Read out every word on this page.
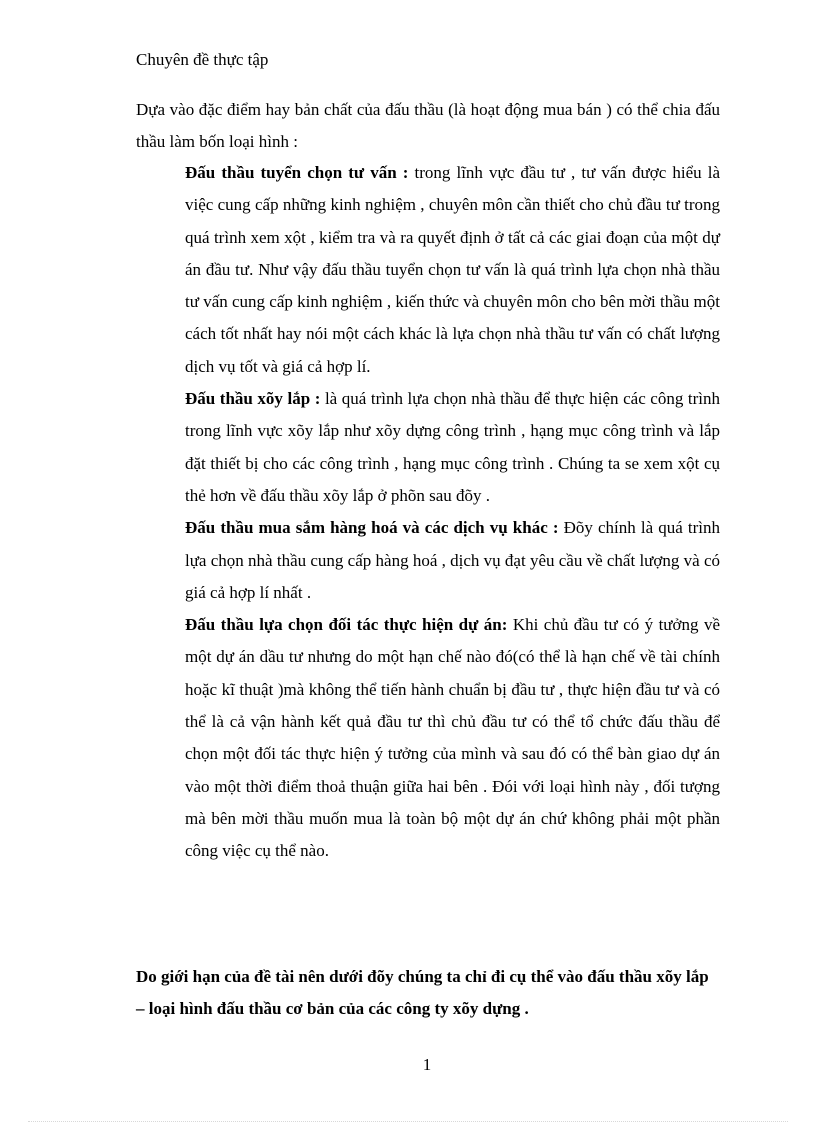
Chuyên đề thực tập

Dựa vào đặc điểm hay bản chất của đấu thầu (là hoạt động mua bán ) có thể chia đấu thầu làm bốn loại hình :

Đấu thầu tuyển chọn tư vấn : trong lĩnh vực đầu tư , tư vấn được hiểu là việc cung cấp những kinh nghiệm , chuyên môn cần thiết cho chủ đầu tư trong quá trình xem xột , kiểm tra và ra quyết định ở tất cả các giai đoạn của một dự án đầu tư. Như vậy đấu thầu tuyển chọn tư vấn là quá trình lựa chọn nhà thầu tư vấn cung cấp kinh nghiệm , kiến thức và chuyên môn cho bên mời thầu một cách tốt nhất hay nói một cách khác là lựa chọn nhà thầu tư vấn có chất lượng dịch vụ tốt và giá cả hợp lí.

Đấu thầu xõy lắp : là quá trình lựa chọn nhà thầu để thực hiện các công trình trong lĩnh vực xõy lắp như xõy dựng công trình , hạng mục công trình và lắp đặt thiết bị cho các công trình , hạng mục công trình . Chúng ta se xem xột cụ thẻ hơn về đấu thầu xõy lắp ở phõn sau đõy .

Đấu thầu mua sắm hàng hoá và các dịch vụ khác : Đõy chính là quá trình lựa chọn nhà thầu cung cấp hàng hoá , dịch vụ đạt yêu cầu về chất lượng và có giá cả hợp lí nhất .

Đấu thầu lựa chọn đối tác thực hiện dự án: Khi chủ đầu tư có ý tưởng về một dự án dầu tư nhưng do một hạn chế nào đó(có thể là hạn chế về tài chính hoặc kĩ thuật )mà không thể tiến hành chuẩn bị đầu tư , thực hiện đầu tư và có thể là cả vận hành kết quả đầu tư thì chủ đầu tư có thể tổ chức đấu thầu để chọn một đối tác thực hiện ý tưởng của mình và sau đó có thể bàn giao dự án vào một thời điểm thoả thuận giữa hai bên . Đói với loại hình này , đối tượng mà bên mời thầu muốn mua là toàn bộ một dự án chứ không phải một phần công việc cụ thể nào.

Do giới hạn của đề tài nên dưới đõy chúng ta chỉ đi cụ thể vào đấu thầu xõy lắp – loại hình đấu thầu cơ bản của các công ty xõy dựng .

1
